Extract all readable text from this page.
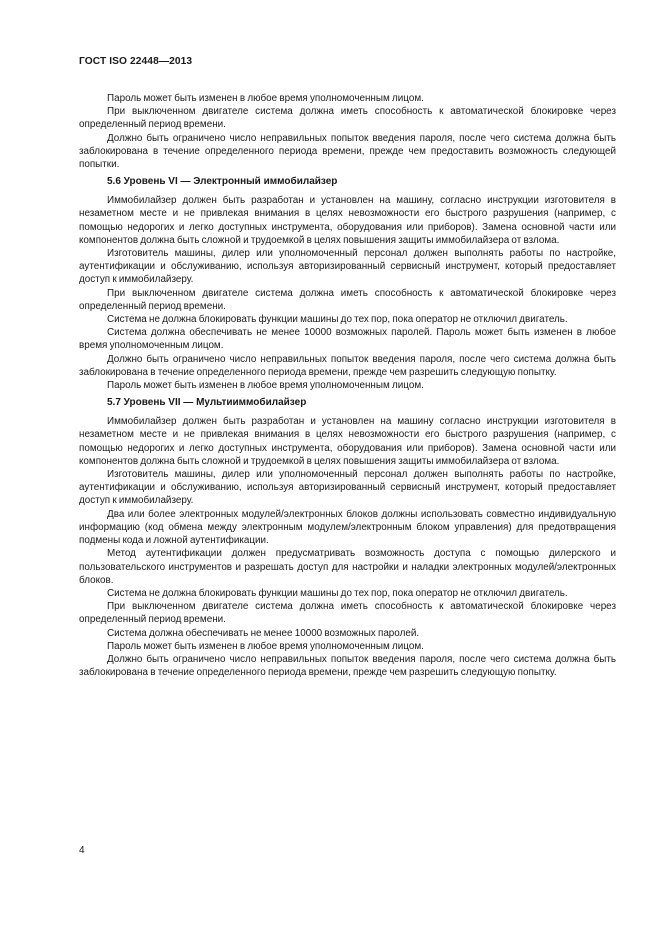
ГОСТ ISO 22448—2013

Пароль может быть изменен в любое время уполномоченным лицом.

При выключенном двигателе система должна иметь способность к автоматической блокировке через определенный период времени.

Должно быть ограничено число неправильных попыток введения пароля, после чего система должна быть заблокирована в течение определенного периода времени, прежде чем предоставить возможность следующей попытки.

5.6 Уровень VI — Электронный иммобилайзер

Иммобилайзер должен быть разработан и установлен на машину, согласно инструкции изготовителя в незаметном месте и не привлекая внимания в целях невозможности его быстрого разрушения (например, с помощью недорогих и легко доступных инструмента, оборудования или приборов). Замена основной части или компонентов должна быть сложной и трудоемкой в целях повышения защиты иммобилайзера от взлома.

Изготовитель машины, дилер или уполномоченный персонал должен выполнять работы по настройке, аутентификации и обслуживанию, используя авторизированный сервисный инструмент, который предоставляет доступ к иммобилайзеру.

При выключенном двигателе система должна иметь способность к автоматической блокировке через определенный период времени.

Система не должна блокировать функции машины до тех пор, пока оператор не отключил двигатель.

Система должна обеспечивать не менее 10000 возможных паролей. Пароль может быть изменен в любое время уполномоченным лицом.

Должно быть ограничено число неправильных попыток введения пароля, после чего система должна быть заблокирована в течение определенного периода времени, прежде чем разрешить следующую попытку.

Пароль может быть изменен в любое время уполномоченным лицом.

5.7 Уровень VII — Мультииммобилайзер

Иммобилайзер должен быть разработан и установлен на машину согласно инструкции изготовителя в незаметном месте и не привлекая внимания в целях невозможности его быстрого разрушения (например, с помощью недорогих и легко доступных инструмента, оборудования или приборов). Замена основной части или компонентов должна быть сложной и трудоемкой в целях повышения защиты иммобилайзера от взлома.

Изготовитель машины, дилер или уполномоченный персонал должен выполнять работы по настройке, аутентификации и обслуживанию, используя авторизированный сервисный инструмент, который предоставляет доступ к иммобилайзеру.

Два или более электронных модулей/электронных блоков должны использовать совместно индивидуальную информацию (код обмена между электронным модулем/электронным блоком управления) для предотвращения подмены кода и ложной аутентификации.

Метод аутентификации должен предусматривать возможность доступа с помощью дилерского и пользовательского инструментов и разрешать доступ для настройки и наладки электронных модулей/электронных блоков.

Система не должна блокировать функции машины до тех пор, пока оператор не отключил двигатель.

При выключенном двигателе система должна иметь способность к автоматической блокировке через определенный период времени.

Система должна обеспечивать не менее 10000 возможных паролей.

Пароль может быть изменен в любое время уполномоченным лицом.

Должно быть ограничено число неправильных попыток введения пароля, после чего система должна быть заблокирована в течение определенного периода времени, прежде чем разрешить следующую попытку.

4
